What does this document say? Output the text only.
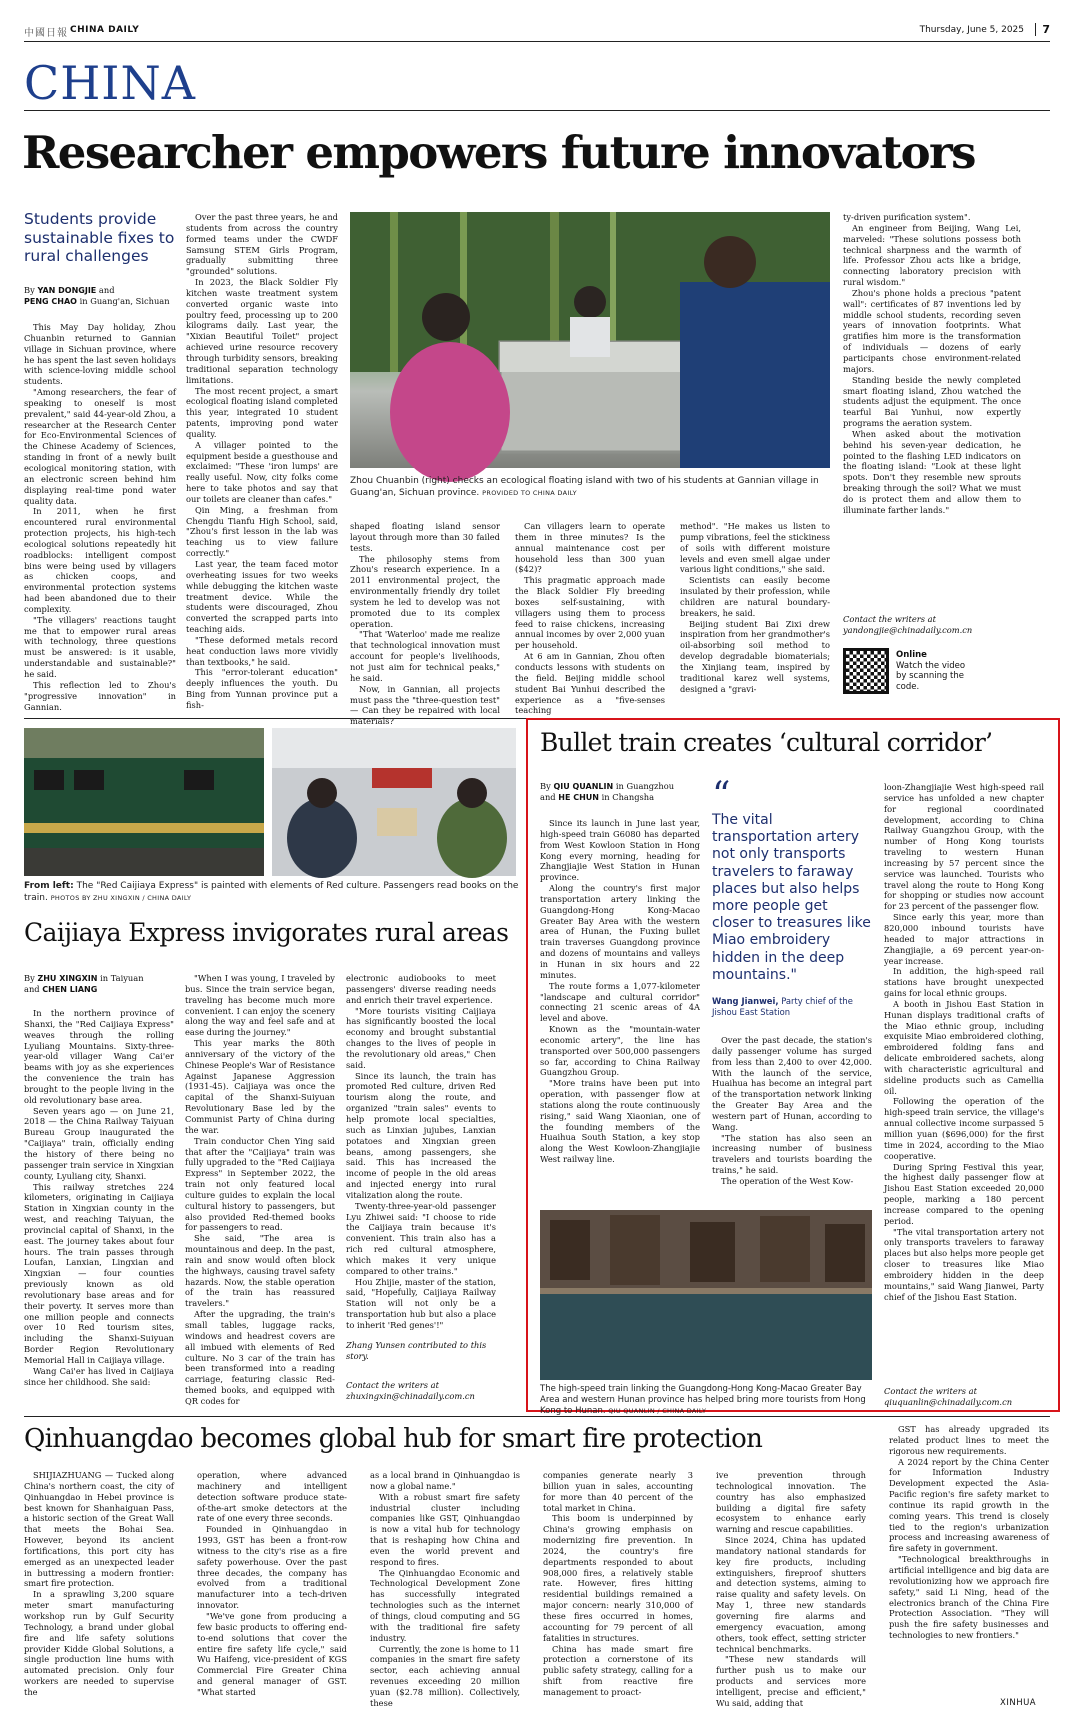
中國日報 CHINA DAILY	Thursday, June 5, 2025	7
CHINA
Researcher empowers future innovators
Students provide sustainable fixes to rural challenges
By YAN DONGJIE and
PENG CHAO in Guang'an, Sichuan

This May Day holiday, Zhou Chuanbin returned to Gannian village in Sichuan province, where he has spent the last seven holidays with science-loving middle school students.

"Among researchers, the fear of speaking to oneself is most prevalent," said 44-year-old Zhou, a researcher at the Research Center for Eco-Environmental Sciences of the Chinese Academy of Sciences, standing in front of a newly built ecological monitoring station, with an electronic screen behind him displaying real-time pond water quality data.

In 2011, when he first encountered rural environmental protection projects, his high-tech ecological solutions repeatedly hit roadblocks: intelligent compost bins were being used by villagers as chicken coops, and environmental protection systems had been abandoned due to their complexity.

"The villagers' reactions taught me that to empower rural areas with technology, three questions must be answered: is it usable, understandable and sustainable?" he said.

This reflection led to Zhou's "progressive innovation" in Gannian.

Over the past three years, he and students from across the country formed teams under the CWDF Samsung STEM Girls Program, gradually submitting three "grounded" solutions.

In 2023, the Black Soldier Fly kitchen waste treatment system converted organic waste into poultry feed, processing up to 200 kilograms daily. Last year, the "Xixian Beautiful Toilet" project achieved urine resource recovery through turbidity sensors, breaking traditional separation technology limitations.

The most recent project, a smart ecological floating island completed this year, integrated 10 student patents, improving pond water quality.

A villager pointed to the equipment beside a guesthouse and exclaimed: "These 'iron lumps' are really useful. Now, city folks come here to take photos and say that our toilets are cleaner than cafes."

Qin Ming, a freshman from Chengdu Tianfu High School, said, "Zhou's first lesson in the lab was teaching us to view failure correctly."

Last year, the team faced motor overheating issues for two weeks while debugging the kitchen waste treatment device. While the students were discouraged, Zhou converted the scrapped parts into teaching aids.

"These deformed metals record heat conduction laws more vividly than textbooks," he said.

This "error-tolerant education" deeply influences the youth. Du Bing from Yunnan province put a fish-

Zhou Chuanbin (right) checks an ecological floating island with two of his students at Gannian village in Guang'an, Sichuan province. PROVIDED TO CHINA DAILY

shaped floating island sensor layout through more than 30 failed tests.

The philosophy stems from Zhou's research experience. In a 2011 environmental project, the environmentally friendly dry toilet system he led to develop was not promoted due to its complex operation.

"That 'Waterloo' made me realize that technological innovation must account for people's livelihoods, not just aim for technical peaks," he said.

Now, in Gannian, all projects must pass the "three-question test" — Can they be repaired with local materials?

Can villagers learn to operate them in three minutes? Is the annual maintenance cost per household less than 300 yuan ($42)?

This pragmatic approach made the Black Soldier Fly breeding boxes self-sustaining, with villagers using them to process feed to raise chickens, increasing annual incomes by over 2,000 yuan per household.

At 6 am in Gannian, Zhou often conducts lessons with students on the field. Beijing middle school student Bai Yunhui described the experience as a "five-senses teaching

method". "He makes us listen to pump vibrations, feel the stickiness of soils with different moisture levels and even smell algae under various light conditions," she said.

Scientists can easily become insulated by their profession, while children are natural boundary-breakers, he said.

Beijing student Bai Zixi drew inspiration from her grandmother's oil-absorbing soil method to develop degradable biomaterials; the Xinjiang team, inspired by traditional karez well systems, designed a "gravi-

ty-driven purification system".

An engineer from Beijing, Wang Lei, marveled: "These solutions possess both technical sharpness and the warmth of life. Professor Zhou acts like a bridge, connecting laboratory precision with rural wisdom."

Zhou's phone holds a precious "patent wall": certificates of 87 inventions led by middle school students, recording seven years of innovation footprints. What gratifies him more is the transformation of individuals — dozens of early participants chose environment-related majors.

Standing beside the newly completed smart floating island, Zhou watched the students adjust the equipment. The once tearful Bai Yunhui, now expertly programs the aeration system.

When asked about the motivation behind his seven-year dedication, he pointed to the flashing LED indicators on the floating island: "Look at these light spots. Don't they resemble new sprouts breaking through the soil? What we must do is protect them and allow them to illuminate farther lands."

Contact the writers at
yandongjie@chinadaily.com.cn
Online
Watch the video by scanning the code.
From left: The "Red Caijiaya Express" is painted with elements of Red culture. Passengers read books on the train. PHOTOS BY ZHU XINGXIN / CHINA DAILY
Caijiaya Express invigorates rural areas
By ZHU XINGXIN in Taiyuan
and CHEN LIANG

In the northern province of Shanxi, the "Red Caijiaya Express" weaves through the rolling Lyuliang Mountains. Sixty-three-year-old villager Wang Cai'er beams with joy as she experiences the convenience the train has brought to the people living in the old revolutionary base area.

Seven years ago — on June 21, 2018 — the China Railway Taiyuan Bureau Group inaugurated the "Caijiaya" train, officially ending the history of there being no passenger train service in Xingxian county, Lyuliang city, Shanxi.

This railway stretches 224 kilometers, originating in Caijiaya Station in Xingxian county in the west, and reaching Taiyuan, the provincial capital of Shanxi, in the east. The journey takes about four hours. The train passes through Loufan, Lanxian, Lingxian and Xingxian — four counties previously known as old revolutionary base areas and for their poverty. It serves more than one million people and connects over 10 Red tourism sites, including the Shanxi-Suiyuan Border Region Revolutionary Memorial Hall in Caijiaya village.

Wang Cai'er has lived in Caijiaya since her childhood. She said:

"When I was young, I traveled by bus. Since the train service began, traveling has become much more convenient. I can enjoy the scenery along the way and feel safe and at ease during the journey."

This year marks the 80th anniversary of the victory of the Chinese People's War of Resistance Against Japanese Aggression (1931-45). Caijiaya was once the capital of the Shanxi-Suiyuan Revolutionary Base led by the Communist Party of China during the war.

Train conductor Chen Ying said that after the "Caijiaya" train was fully upgraded to the "Red Caijiaya Express" in September 2022, the train not only featured local culture guides to explain the local cultural history to passengers, but also provided Red-themed books for passengers to read.

She said, "The area is mountainous and deep. In the past, rain and snow would often block the highways, causing travel safety hazards. Now, the stable operation of the train has reassured travelers."

After the upgrading, the train's small tables, luggage racks, windows and headrest covers are all imbued with elements of Red culture. No 3 car of the train has been transformed into a reading carriage, featuring classic Red-themed books, and equipped with QR codes for

electronic audiobooks to meet passengers' diverse reading needs and enrich their travel experience.

"More tourists visiting Caijiaya has significantly boosted the local economy and brought substantial changes to the lives of people in the revolutionary old areas," Chen said.

Since its launch, the train has promoted Red culture, driven Red tourism along the route, and organized "train sales" events to help promote local specialties, such as Linxian jujubes, Lanxian potatoes and Xingxian green beans, among passengers, she said. This has increased the income of people in the old areas and injected energy into rural vitalization along the route.

Twenty-three-year-old passenger Lyu Zhiwei said: "I choose to ride the Caijiaya train because it's convenient. This train also has a rich red cultural atmosphere, which makes it very unique compared to other trains."

Hou Zhijie, master of the station, said, "Hopefully, Caijiaya Railway Station will not only be a transportation hub but also a place to inherit 'Red genes'!"

Zhang Yunsen contributed to this story.
Contact the writers at
zhuxingxin@chinadaily.com.cn
Bullet train creates ‘cultural corridor’
By QIU QUANLIN in Guangzhou
and HE CHUN in Changsha

Since its launch in June last year, high-speed train G6080 has departed from West Kowloon Station in Hong Kong every morning, heading for Zhangjiajie West Station in Hunan province.

Along the country's first major transportation artery linking the Guangdong-Hong Kong-Macao Greater Bay Area with the western area of Hunan, the Fuxing bullet train traverses Guangdong province and dozens of mountains and valleys in Hunan in six hours and 22 minutes.

The route forms a 1,077-kilometer "landscape and cultural corridor" connecting 21 scenic areas of 4A level and above.

Known as the "mountain-water economic artery", the line has transported over 500,000 passengers so far, according to China Railway Guangzhou Group.

"More trains have been put into operation, with passenger flow at stations along the route continuously rising," said Wang Xiaonian, one of the founding members of the Huaihua South Station, a key stop along the West Kowloon-Zhangjiajie West railway line.

“
The vital transportation artery not only transports travelers to faraway places but also helps more people get closer to treasures like Miao embroidery hidden in the deep mountains."
Wang Jianwei, Party chief of the Jishou East Station

Over the past decade, the station's daily passenger volume has surged from less than 2,400 to over 42,000. With the launch of the service, Huaihua has become an integral part of the transportation network linking the Greater Bay Area and the western part of Hunan, according to Wang.

"The station has also seen an increasing number of business travelers and tourists boarding the trains," he said.

The operation of the West Kow-

loon-Zhangjiajie West high-speed rail service has unfolded a new chapter for regional coordinated development, according to China Railway Guangzhou Group, with the number of Hong Kong tourists traveling to western Hunan increasing by 57 percent since the service was launched. Tourists who travel along the route to Hong Kong for shopping or studies now account for 23 percent of the passenger flow.

Since early this year, more than 820,000 inbound tourists have headed to major attractions in Zhangjiajie, a 69 percent year-on-year increase.

In addition, the high-speed rail stations have brought unexpected gains for local ethnic groups.

A booth in Jishou East Station in Hunan displays traditional crafts of the Miao ethnic group, including exquisite Miao embroidered clothing, embroidered folding fans and delicate embroidered sachets, along with characteristic agricultural and sideline products such as Camellia oil.

Following the operation of the high-speed train service, the village's annual collective income surpassed 5 million yuan ($696,000) for the first time in 2024, according to the Miao cooperative.

During Spring Festival this year, the highest daily passenger flow at Jishou East Station exceeded 20,000 people, marking a 180 percent increase compared to the opening period.

"The vital transportation artery not only transports travelers to faraway places but also helps more people get closer to treasures like Miao embroidery hidden in the deep mountains," said Wang Jianwei, Party chief of the Jishou East Station.

The high-speed train linking the Guangdong-Hong Kong-Macao Greater Bay Area and western Hunan province has helped bring more tourists from Hong Kong to Hunan. QIU QUANLIN / CHINA DAILY
Contact the writers at
qiuquanlin@chinadaily.com.cn
Qinhuangdao becomes global hub for smart fire protection

SHIJIAZHUANG — Tucked along China's northern coast, the city of Qinhuangdao in Hebei province is best known for Shanhaiguan Pass, a historic section of the Great Wall that meets the Bohai Sea. However, beyond its ancient fortifications, this port city has emerged as an unexpected leader in buttressing a modern frontier: smart fire protection.

In a sprawling 3,200 square meter smart manufacturing workshop run by Gulf Security Technology, a brand under global fire and life safety solutions provider Kidde Global Solutions, a single production line hums with automated precision. Only four workers are needed to supervise the

operation, where advanced machinery and intelligent detection software produce state-of-the-art smoke detectors at the rate of one every three seconds.

Founded in Qinhuangdao in 1993, GST has been a front-row witness to the city's rise as a fire safety powerhouse. Over the past three decades, the company has evolved from a traditional manufacturer into a tech-driven innovator.

"We've gone from producing a few basic products to offering end-to-end solutions that cover the entire fire safety life cycle," said Wu Haifeng, vice-president of KGS Commercial Fire Greater China and general manager of GST. "What started

as a local brand in Qinhuangdao is now a global name."

With a robust smart fire safety industrial cluster including companies like GST, Qinhuangdao is now a vital hub for technology that is reshaping how China and even the world prevent and respond to fires.

The Qinhuangdao Economic and Technological Development Zone has successfully integrated technologies such as the internet of things, cloud computing and 5G with the traditional fire safety industry.

Currently, the zone is home to 11 companies in the smart fire safety sector, each achieving annual revenues exceeding 20 million yuan ($2.78 million). Collectively, these

companies generate nearly 3 billion yuan in sales, accounting for more than 40 percent of the total market in China.

This boom is underpinned by China's growing emphasis on modernizing fire prevention. In 2024, the country's fire departments responded to about 908,000 fires, a relatively stable rate. However, fires hitting residential buildings remained a major concern: nearly 310,000 of these fires occurred in homes, accounting for 79 percent of all fatalities in structures.

China has made smart fire protection a cornerstone of its public safety strategy, calling for a shift from reactive fire management to proact-

ive prevention through technological innovation. The country has also emphasized building a digital fire safety ecosystem to enhance early warning and rescue capabilities.

Since 2024, China has updated mandatory national standards for key fire products, including extinguishers, fireproof shutters and detection systems, aiming to raise quality and safety levels. On May 1, three new standards governing fire alarms and emergency evacuation, among others, took effect, setting stricter technical benchmarks.

"These new standards will further push us to make our products and services more intelligent, precise and efficient," Wu said, adding that

GST has already upgraded its related product lines to meet the rigorous new requirements.

A 2024 report by the China Center for Information Industry Development expected the Asia-Pacific region's fire safety market to continue its rapid growth in the coming years. This trend is closely tied to the region's urbanization process and increasing awareness of fire safety in government.

"Technological breakthroughs in artificial intelligence and big data are revolutionizing how we approach fire safety," said Li Ning, head of the electronics branch of the China Fire Protection Association. "They will push the fire safety businesses and technologies to new frontiers."

XINHUA
